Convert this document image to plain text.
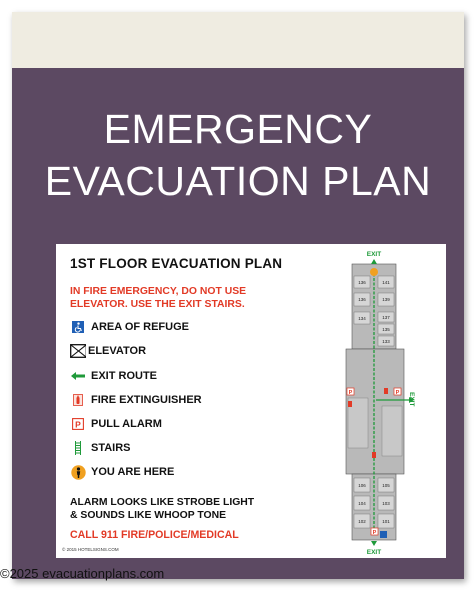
EMERGENCY
EVACUATION PLAN
1ST FLOOR EVACUATION PLAN
IN FIRE EMERGENCY, DO NOT USE
ELEVATOR. USE THE EXIT STAIRS.
AREA OF REFUGE
ELEVATOR
EXIT ROUTE
FIRE EXTINGUISHER
P PULL ALARM
STAIRS
YOU ARE HERE
ALARM LOOKS LIKE STROBE LIGHT
& SOUNDS LIKE WHOOP TONE
CALL 911 FIRE/POLICE/MEDICAL
© 2015 HOTELSIGNS.COM
EXIT
136	141
136	139
134	137
135
133
106	105
104	103
102	101
P	P
P
EXIT
EXIT
©2025 evacuationplans.com
